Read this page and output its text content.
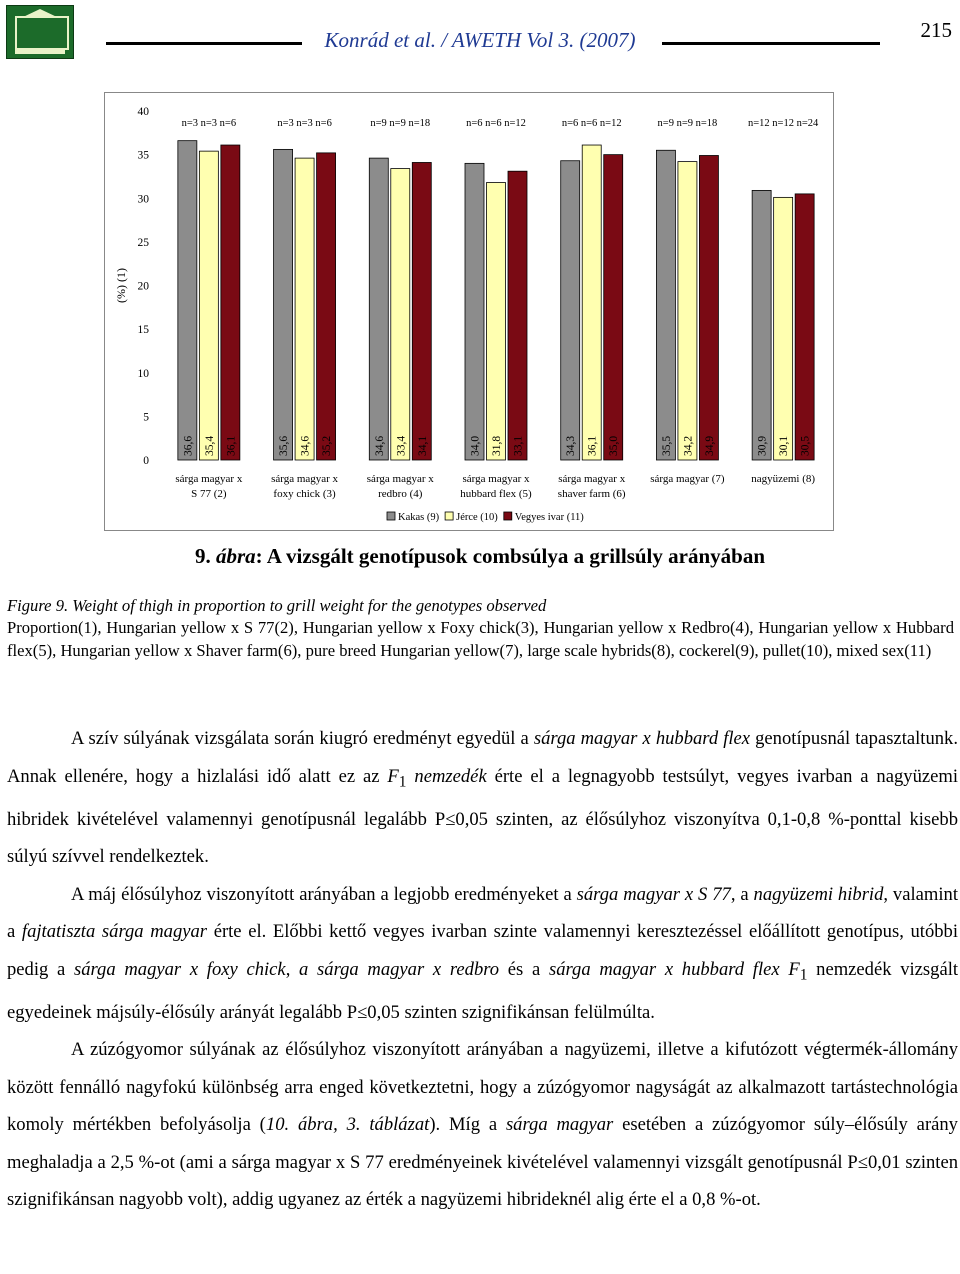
Konrád et al. / AWETH Vol 3. (2007)	215
0
5
10
15
20
25
30
35
40
(%) (1)
36,6 35,4 36,1
n=3 n=3 n=6
sárga magyar x
S 77 (2)
35,6 34,6 35,2
n=3 n=3 n=6
sárga magyar x
foxy chick (3)
34,6 33,4 34,1
n=9 n=9 n=18
sárga magyar x
redbro (4)
34,0 31,8 33,1
n=6 n=6 n=12
sárga magyar x
hubbard flex (5)
34,3 36,1 35,0
n=6 n=6 n=12
sárga magyar x
shaver farm (6)
35,5 34,2 34,9
n=9 n=9 n=18
sárga magyar (7)
30,9 30,1 30,5
n=12 n=12 n=24
nagyüzemi (8)
Kakas (9) Jérce (10) Vegyes ivar (11)
9. ábra: A vizsgált genotípusok combsúlya a grillsúly arányában
Figure 9. Weight of thigh in proportion to grill weight for the genotypes observed
Proportion(1), Hungarian yellow x S 77(2), Hungarian yellow x Foxy chick(3), Hungarian yellow x Redbro(4), Hungarian yellow x Hubbard flex(5), Hungarian yellow x Shaver farm(6), pure breed Hungarian yellow(7), large scale hybrids(8), cockerel(9), pullet(10), mixed sex(11)

A szív súlyának vizsgálata során kiugró eredményt egyedül a sárga magyar x hubbard flex genotípusnál tapasztaltunk. Annak ellenére, hogy a hizlalási idő alatt ez az $F_1$ nemzedék érte el a legnagyobb testsúlyt, vegyes ivarban a nagyüzemi hibridek kivételével valamennyi genotípusnál legalább P≤0,05 szinten, az élősúlyhoz viszonyítva 0,1-0,8 %-ponttal kisebb súlyú szívvel rendelkeztek.

A máj élősúlyhoz viszonyított arányában a legjobb eredményeket a sárga magyar x S 77, a nagyüzemi hibrid, valamint a fajtatiszta sárga magyar érte el. Előbbi kettő vegyes ivarban szinte valamennyi keresztezéssel előállított genotípus, utóbbi pedig a sárga magyar x foxy chick, a sárga magyar x redbro és a sárga magyar x hubbard flex $F_1$ nemzedék vizsgált egyedeinek májsúly-élősúly arányát legalább P≤0,05 szinten szignifikánsan felülmúlta.

A zúzógyomor súlyának az élősúlyhoz viszonyított arányában a nagyüzemi, illetve a kifutózott végtermék-állomány között fennálló nagyfokú különbség arra enged következtetni, hogy a zúzógyomor nagyságát az alkalmazott tartástechnológia komoly mértékben befolyásolja (10. ábra, 3. táblázat). Míg a sárga magyar esetében a zúzógyomor súly–élősúly arány meghaladja a 2,5 %-ot (ami a sárga magyar x S 77 eredményeinek kivételével valamennyi vizsgált genotípusnál P≤0,01 szinten szignifikánsan nagyobb volt), addig ugyanez az érték a nagyüzemi hibrideknél alig érte el a 0,8 %-ot.
